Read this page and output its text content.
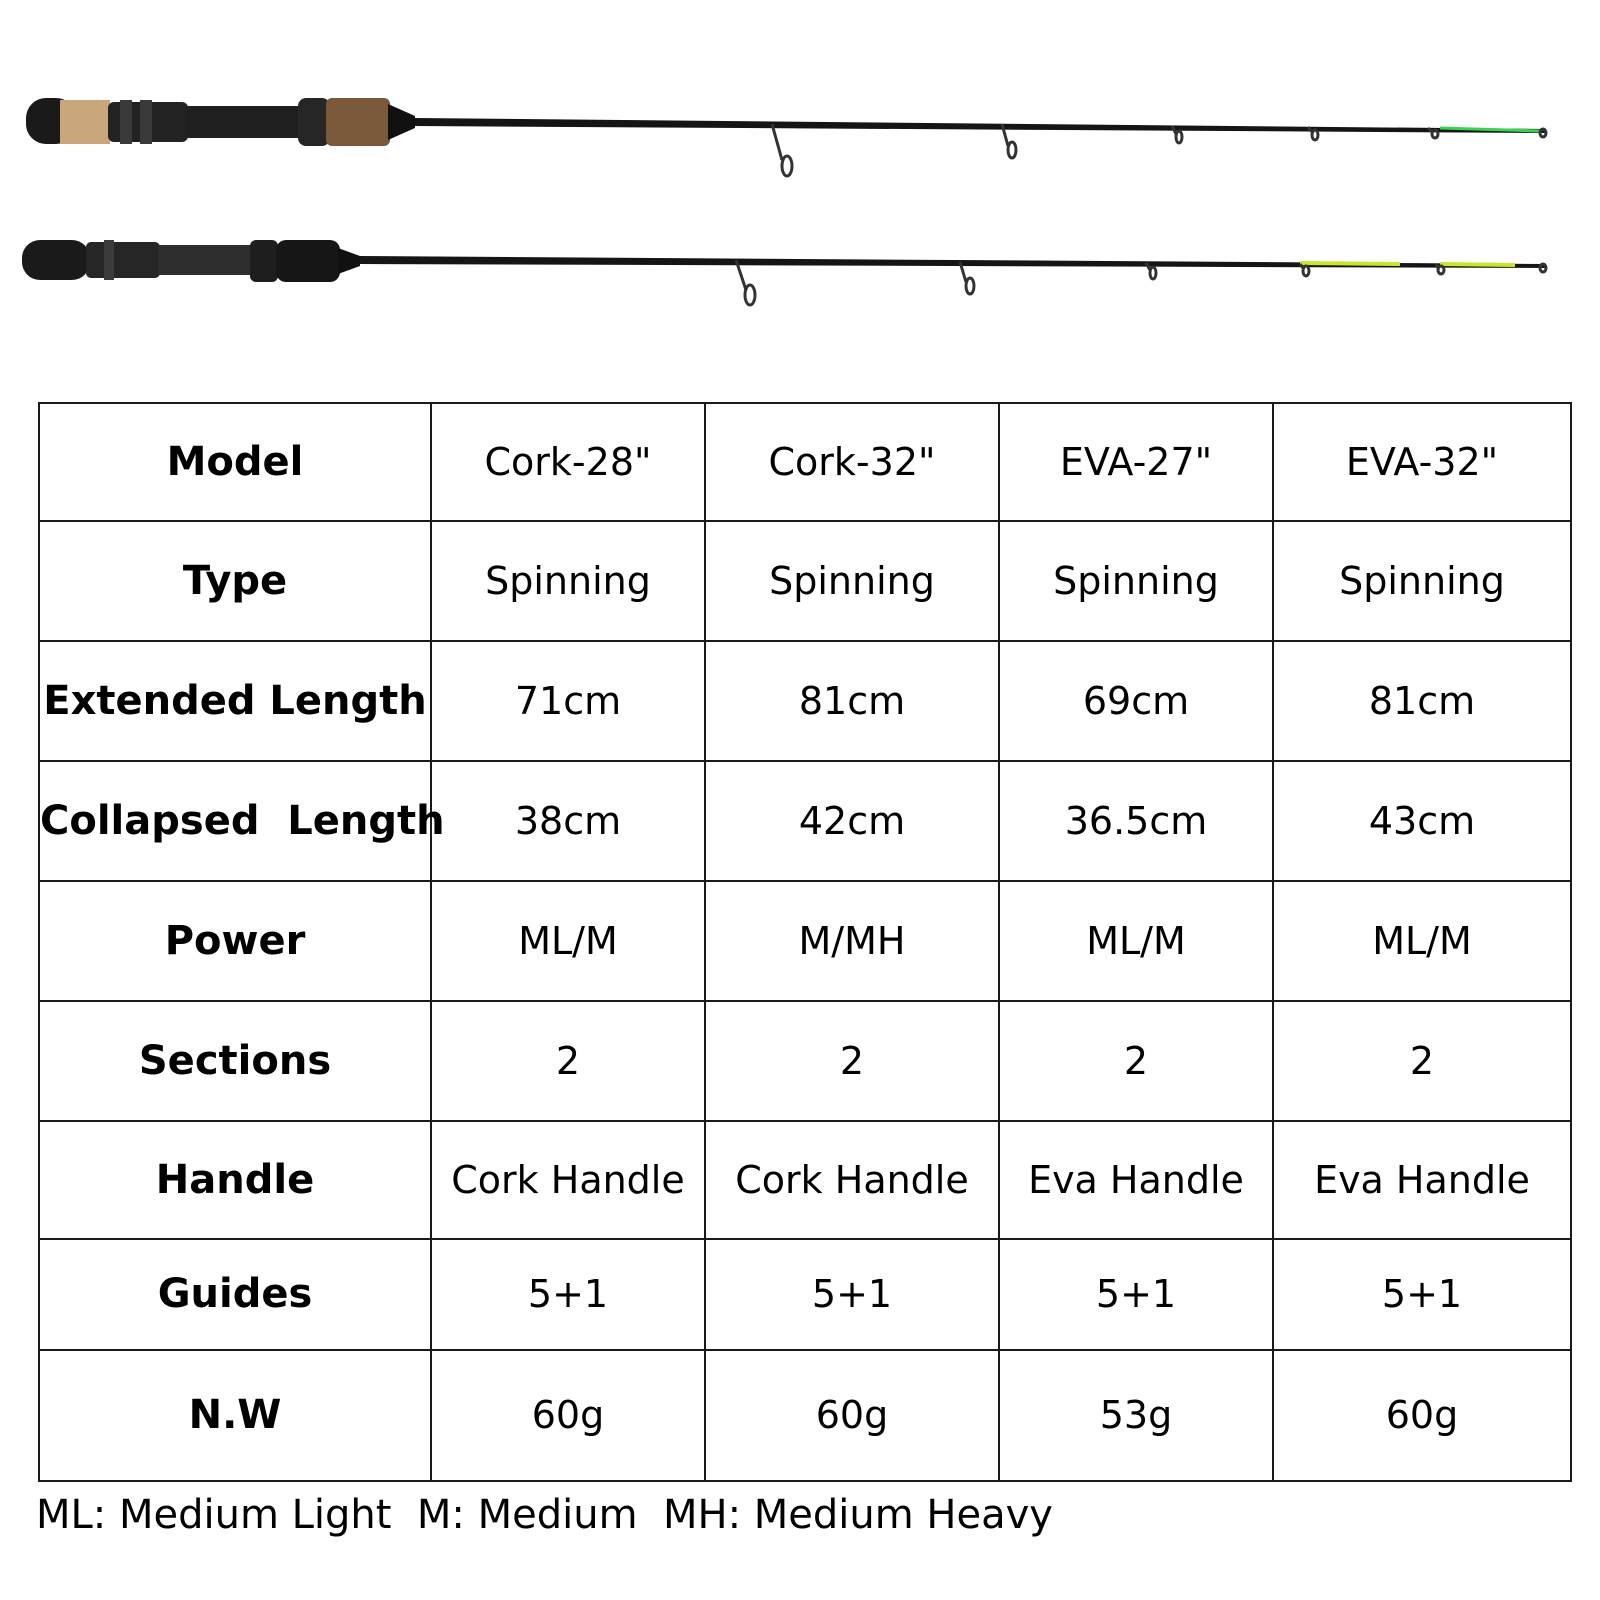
Model	Cork-28"	Cork-32"	EVA-27"	EVA-32"
Type	Spinning	Spinning	Spinning	Spinning
Extended Length	71cm	81cm	69cm	81cm
Collapsed  Length	38cm	42cm	36.5cm	43cm
Power	ML/M	M/MH	ML/M	ML/M
Sections	2	2	2	2
Handle	Cork Handle	Cork Handle	Eva Handle	Eva Handle
Guides	5+1	5+1	5+1	5+1
N.W	60g	60g	53g	60g
ML: Medium Light  M: Medium  MH: Medium Heavy
